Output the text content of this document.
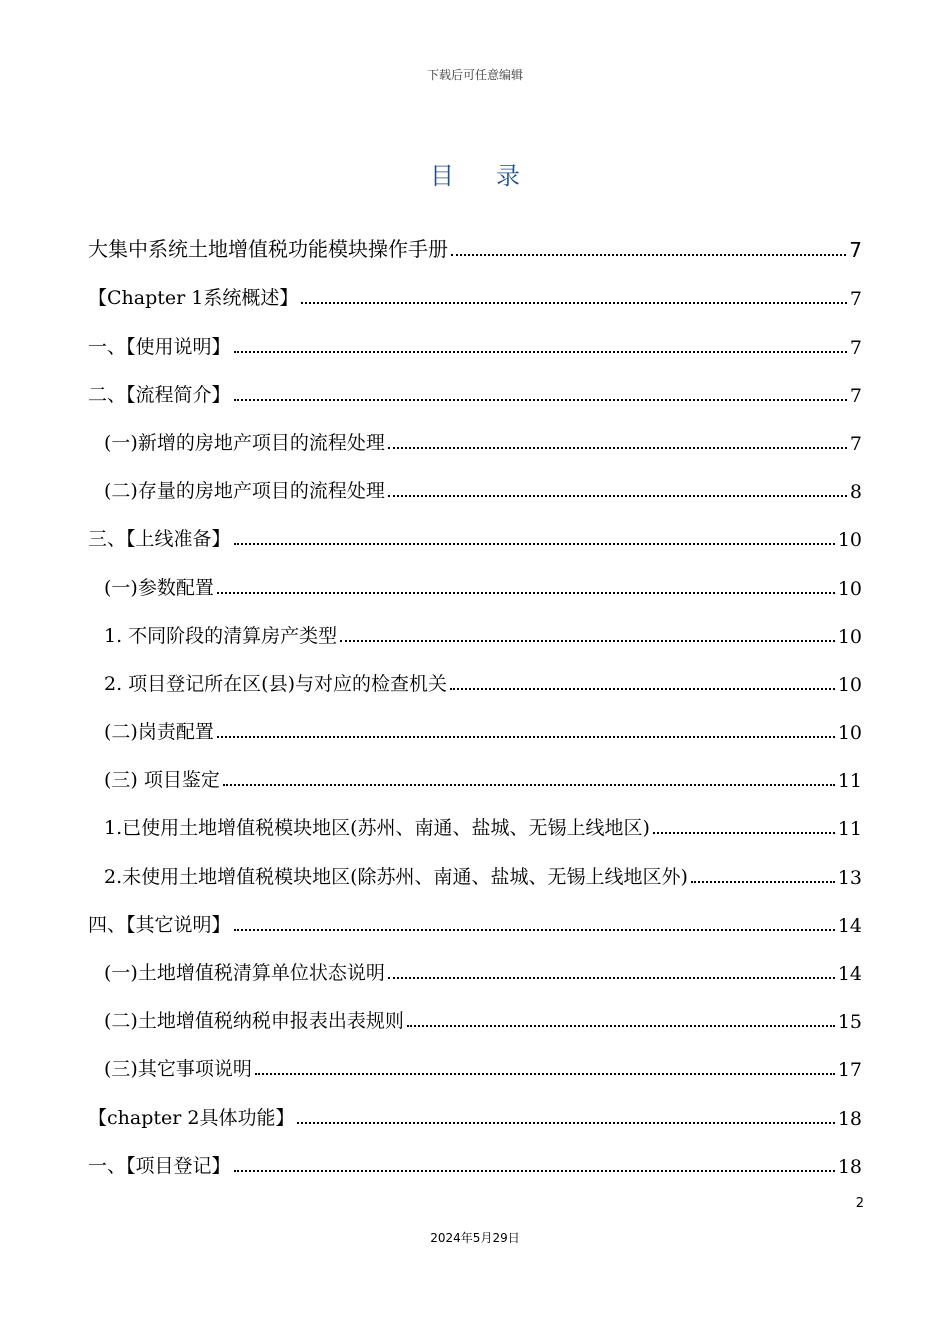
下载后可任意编辑
目录
大集中系统土地增值税功能模块操作手册	7
【Chapter 1系统概述】	7
一、【使用说明】	7
二、【流程简介】	7
(一)新增的房地产项目的流程处理	7
(二)存量的房地产项目的流程处理	8
三、【上线准备】	10
(一)参数配置	10
1. 不同阶段的清算房产类型	10
2. 项目登记所在区(县)与对应的检查机关	10
(二)岗责配置	10
(三) 项目鉴定	11
1.已使用土地增值税模块地区(苏州、南通、盐城、无锡上线地区)	11
2.未使用土地增值税模块地区(除苏州、南通、盐城、无锡上线地区外)	13
四、【其它说明】	14
(一)土地增值税清算单位状态说明	14
(二)土地增值税纳税申报表出表规则	15
(三)其它事项说明	17
【chapter 2具体功能】	18
一、【项目登记】	18
2
2024年5月29日
